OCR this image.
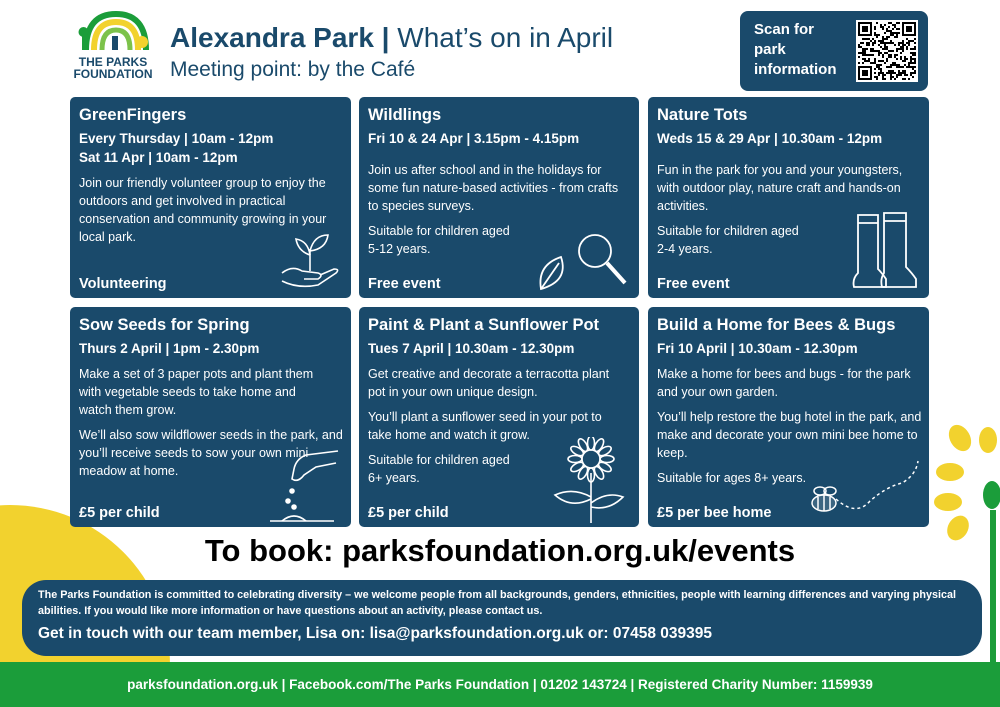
THE PARKS
FOUNDATION
Alexandra Park | What’s on in April
Meeting point: by the Café
Scan for
park
information
GreenFingers
Every Thursday | 10am - 12pm
Sat 11 Apr | 10am - 12pm

Join our friendly volunteer group to enjoy the outdoors and get involved in practical conservation and community growing in your local park.

Volunteering
Wildlings
Fri 10 & 24 Apr | 3.15pm - 4.15pm

Join us after school and in the holidays for some fun nature-based activities - from crafts to species surveys.

Suitable for children aged 5-12 years.

Free event
Nature Tots
Weds 15 & 29 Apr | 10.30am - 12pm

Fun in the park for you and your youngsters, with outdoor play, nature craft and hands-on activities.

Suitable for children aged 2-4 years.

Free event
Sow Seeds for Spring
Thurs 2 April | 1pm - 2.30pm

Make a set of 3 paper pots and plant them with vegetable seeds to take home and watch them grow.

We’ll also sow wildflower seeds in the park, and you’ll receive seeds to sow your own mini meadow at home.

£5 per child
Paint & Plant a Sunflower Pot
Tues 7 April | 10.30am - 12.30pm

Get creative and decorate a terracotta plant pot in your own unique design.

You’ll plant a sunflower seed in your pot to take home and watch it grow.

Suitable for children aged 6+ years.

£5 per child
Build a Home for Bees & Bugs
Fri 10 April | 10.30am - 12.30pm

Make a home for bees and bugs - for the park and your own garden.

You’ll help restore the bug hotel in the park, and make and decorate your own mini bee home to keep.

Suitable for ages 8+ years.

£5 per bee home
To book: parksfoundation.org.uk/events
The Parks Foundation is committed to celebrating diversity – we welcome people from all backgrounds, genders, ethnicities, people with learning differences and varying physical abilities. If you would like more information or have questions about an activity, please contact us.
Get in touch with our team member, Lisa on: lisa@parksfoundation.org.uk or: 07458 039395
parksfoundation.org.uk | Facebook.com/The Parks Foundation | 01202 143724 | Registered Charity Number: 1159939
